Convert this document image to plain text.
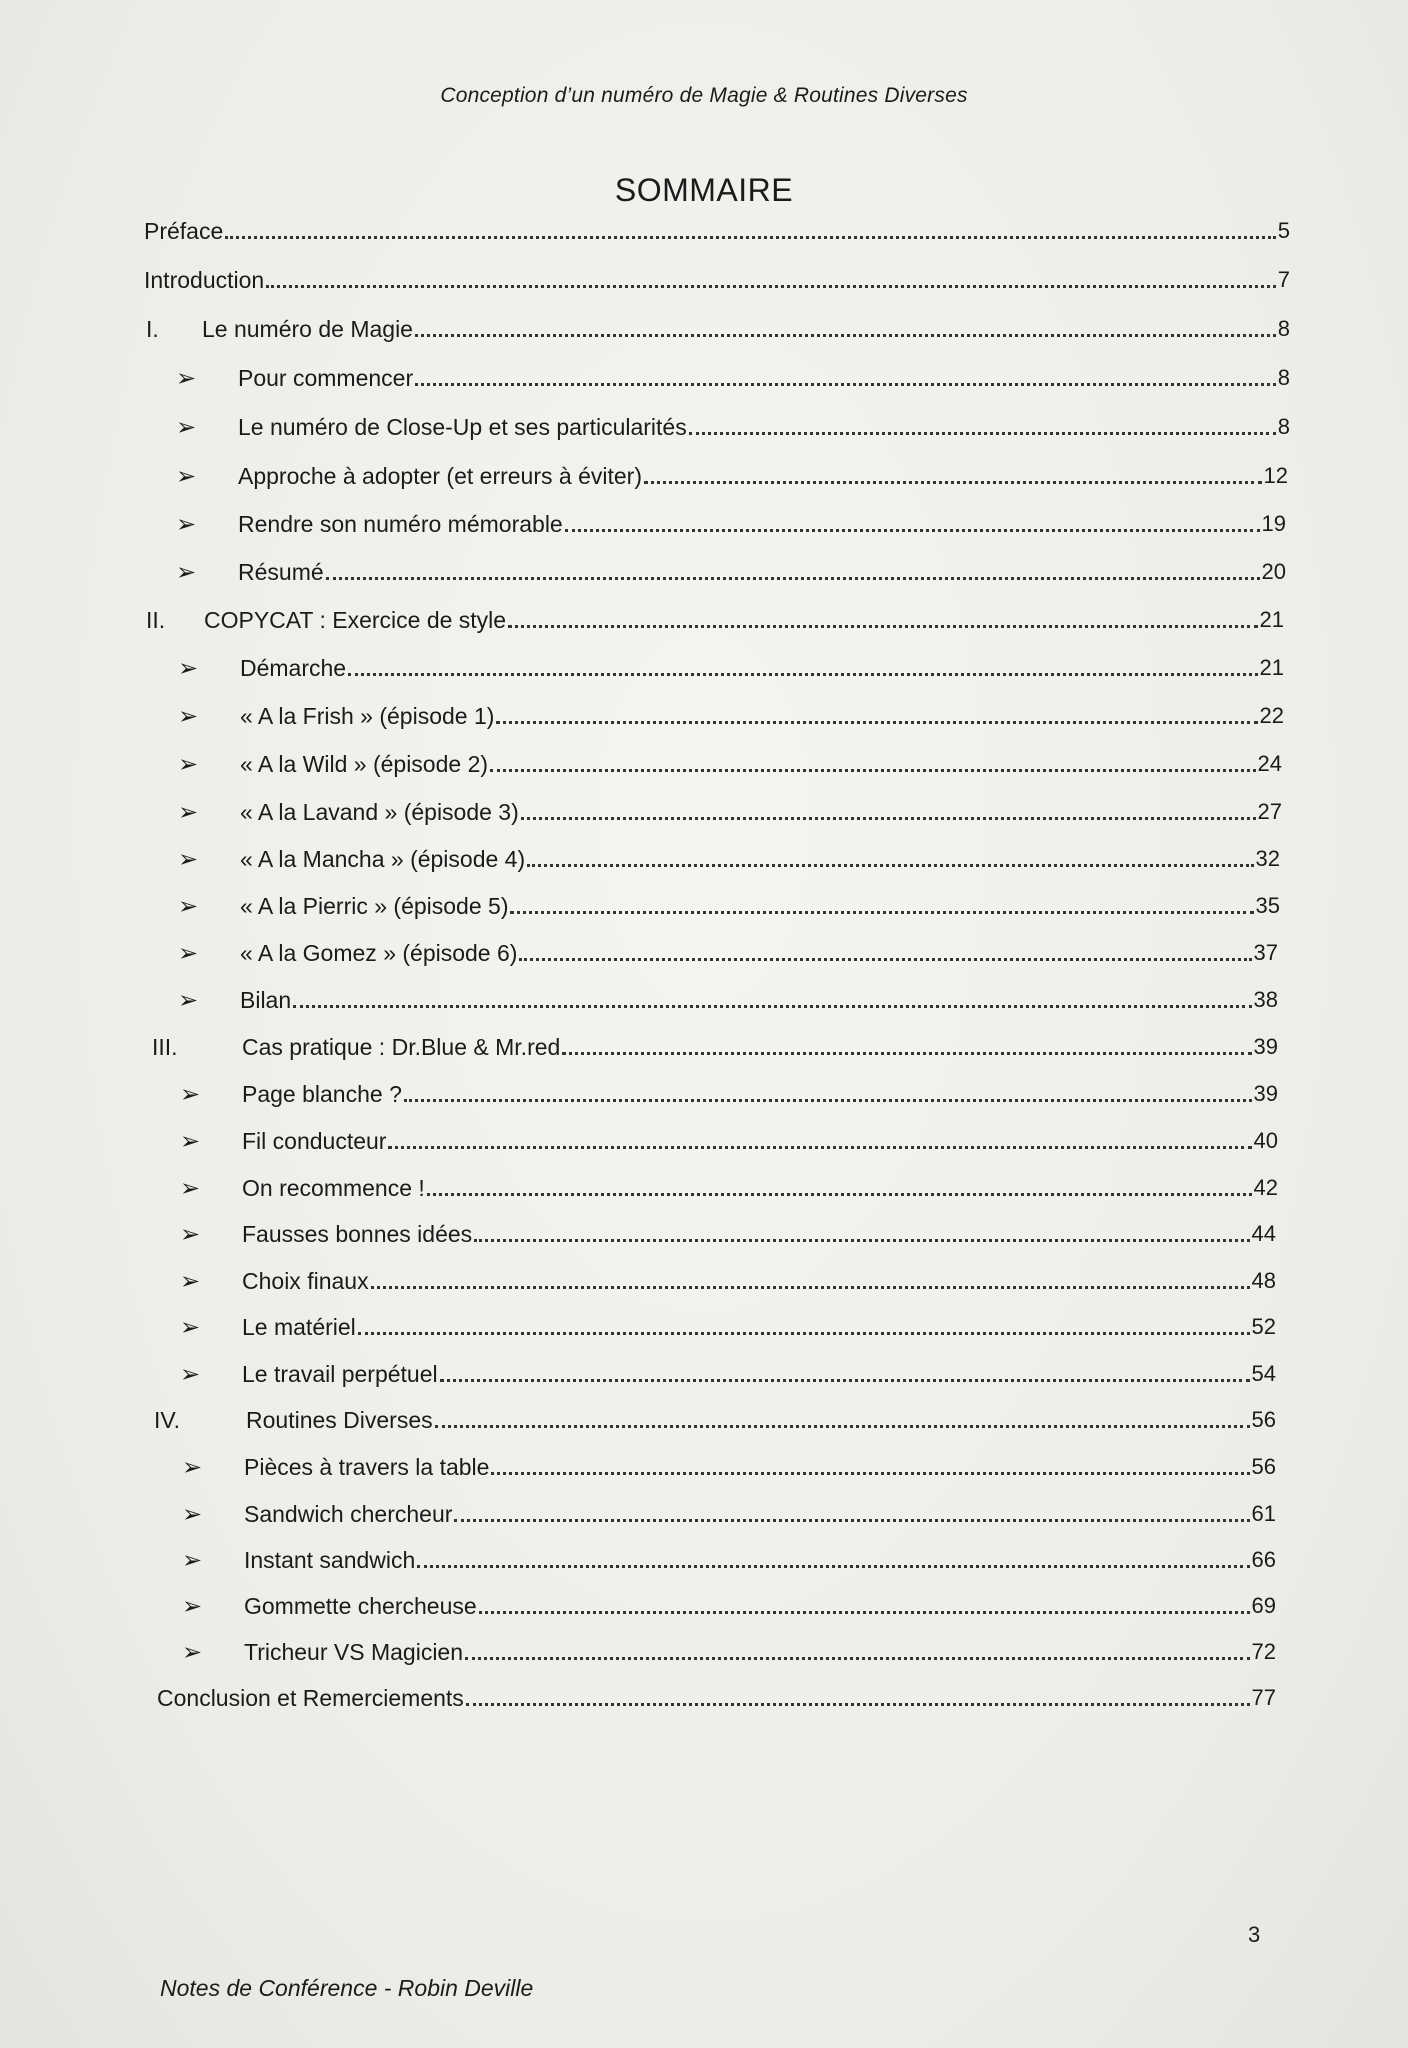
Conception d’un numéro de Magie & Routines Diverses
SOMMAIRE
Préface	5
Introduction	7
I.	Le numéro de Magie	8
➢	Pour commencer	8
➢	Le numéro de Close-Up et ses particularités	8
➢	Approche à adopter (et erreurs à éviter)	12
➢	Rendre son numéro mémorable	19
➢	Résumé	20
II.	COPYCAT : Exercice de style	21
➢	Démarche	21
➢	« A la Frish » (épisode 1)	22
➢	« A la Wild » (épisode 2)	24
➢	« A la Lavand » (épisode 3)	27
➢	« A la Mancha » (épisode 4)	32
➢	« A la Pierric » (épisode 5)	35
➢	« A la Gomez » (épisode 6)	37
➢	Bilan	38
III.	Cas pratique : Dr.Blue & Mr.red	39
➢	Page blanche ?	39
➢	Fil conducteur	40
➢	On recommence !	42
➢	Fausses bonnes idées	44
➢	Choix finaux	48
➢	Le matériel	52
➢	Le travail perpétuel	54
IV.	Routines Diverses	56
➢	Pièces à travers la table	56
➢	Sandwich chercheur	61
➢	Instant sandwich	66
➢	Gommette chercheuse	69
➢	Tricheur VS Magicien	72
Conclusion et Remerciements	77
3
Notes de Conférence - Robin Deville
